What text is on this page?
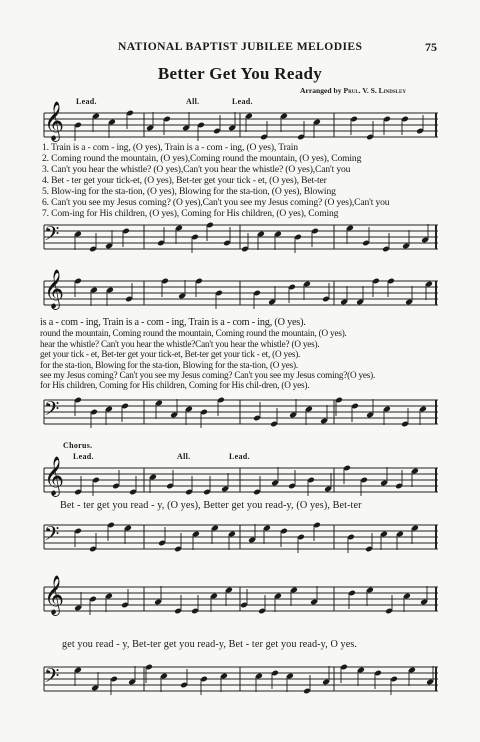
NATIONAL BAPTIST JUBILEE MELODIES	75
Better Get You Ready
Arranged by Prul. V. S. Lindsley
Lead.	All.	Lead.
𝄞
1. Train is a - com - ing, (O yes), Train is a - com - ing, (O yes), Train
2. Coming round the mountain, (O yes),Coming round the mountain, (O yes), Coming
3. Can't you hear the whistle? (O yes),Can't you hear the whistle? (O yes),Can't you
4. Bet - ter get your tick-et, (O yes), Bet-ter get your tick - et, (O yes), Bet-ter
5. Blow-ing for the sta-tion, (O yes), Blowing for the sta-tion, (O yes), Blowing
6. Can't you see my Jesus coming? (O yes),Can't you see my Jesus coming? (O yes),Can't you
7. Com-ing for His children, (O yes), Coming for His children, (O yes), Coming
𝄢
𝄞
is a - com - ing, Train is a - com - ing, Train is a - com - ing, (O yes).
round the mountain, Coming round the mountain, Coming round the mountain, (O yes).
hear the whistle? Can't you hear the whistle?Can't you hear the whistle? (O yes).
get your tick - et, Bet-ter get your tick-et, Bet-ter get your tick - et, (O yes).
for the sta-tion, Blowing for the sta-tion, Blowing for the sta-tion, (O yes).
see my Jesus coming? Can't you see my Jesus coming? Can't you see my Jesus coming?(O yes).
for His children, Coming for His children, Coming for His chil-dren, (O yes).
𝄢
Chorus.
Lead.	All.	Lead.
𝄞
Bet - ter get you read - y, (O yes), Better get you read-y, (O yes), Bet-ter
𝄢
𝄞
get you read - y, Bet-ter get you read-y, Bet - ter get you read-y, O yes.
𝄢
